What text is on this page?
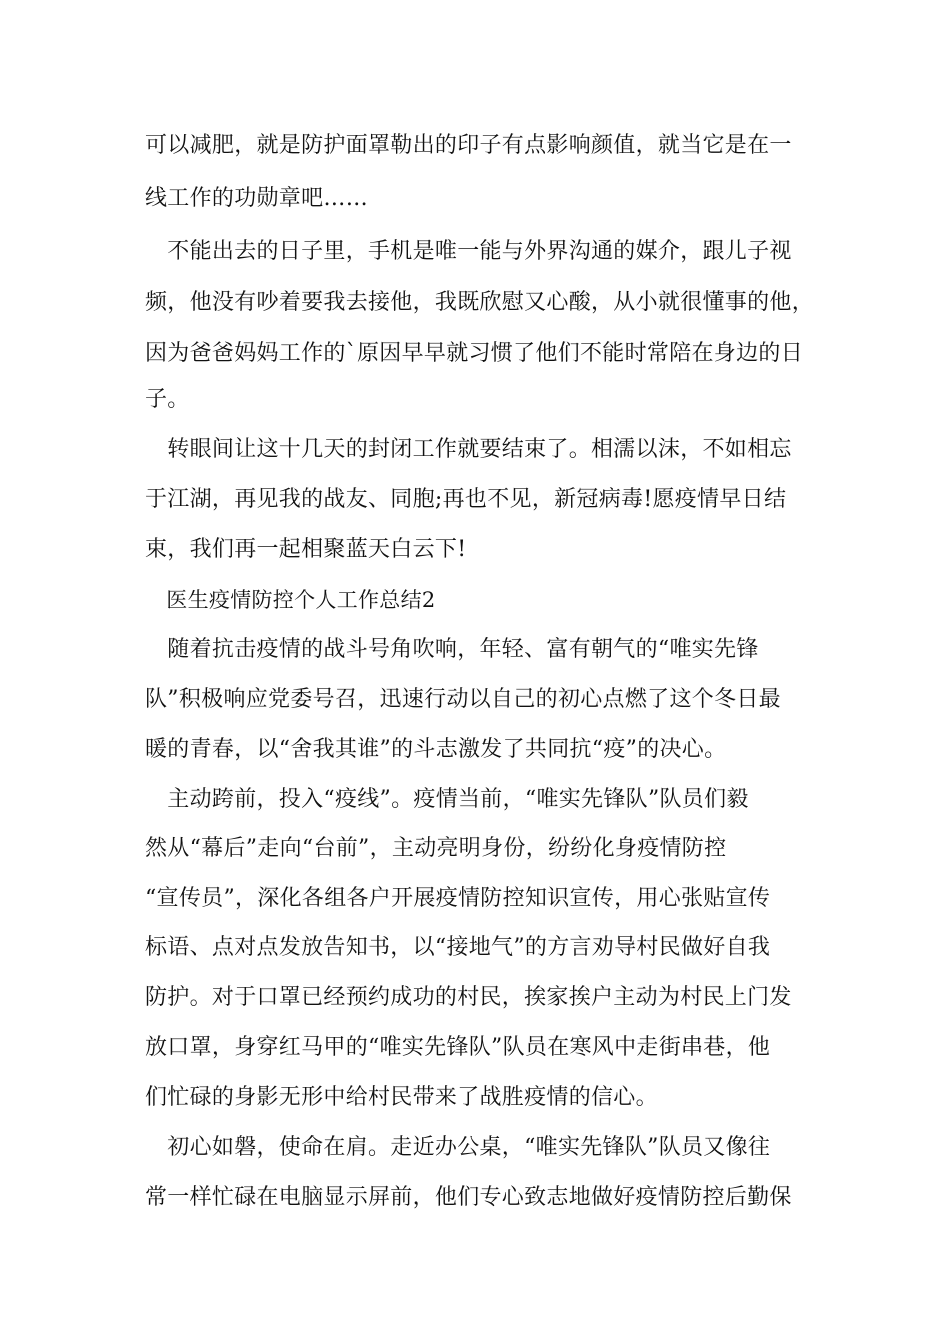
可以减肥，就是防护面罩勒出的印子有点影响颜值，就当它是在一
线工作的功勋章吧……
　不能出去的日子里，手机是唯一能与外界沟通的媒介，跟儿子视
频，他没有吵着要我去接他，我既欣慰又心酸，从小就很懂事的他，
因为爸爸妈妈工作的`原因早早就习惯了他们不能时常陪在身边的日
子。
　转眼间让这十几天的封闭工作就要结束了。相濡以沫，不如相忘
于江湖，再见我的战友、同胞;再也不见，新冠病毒!愿疫情早日结
束，我们再一起相聚蓝天白云下!
　医生疫情防控个人工作总结2
　随着抗击疫情的战斗号角吹响，年轻、富有朝气的“唯实先锋
队”积极响应党委号召，迅速行动以自己的初心点燃了这个冬日最
暖的青春，以“舍我其谁”的斗志激发了共同抗“疫”的决心。
　主动跨前，投入“疫线”。疫情当前，“唯实先锋队”队员们毅
然从“幕后”走向“台前”，主动亮明身份，纷纷化身疫情防控
“宣传员”，深化各组各户开展疫情防控知识宣传，用心张贴宣传
标语、点对点发放告知书，以“接地气”的方言劝导村民做好自我
防护。对于口罩已经预约成功的村民，挨家挨户主动为村民上门发
放口罩，身穿红马甲的“唯实先锋队”队员在寒风中走街串巷，他
们忙碌的身影无形中给村民带来了战胜疫情的信心。
　初心如磐，使命在肩。走近办公桌，“唯实先锋队”队员又像往
常一样忙碌在电脑显示屏前，他们专心致志地做好疫情防控后勤保
